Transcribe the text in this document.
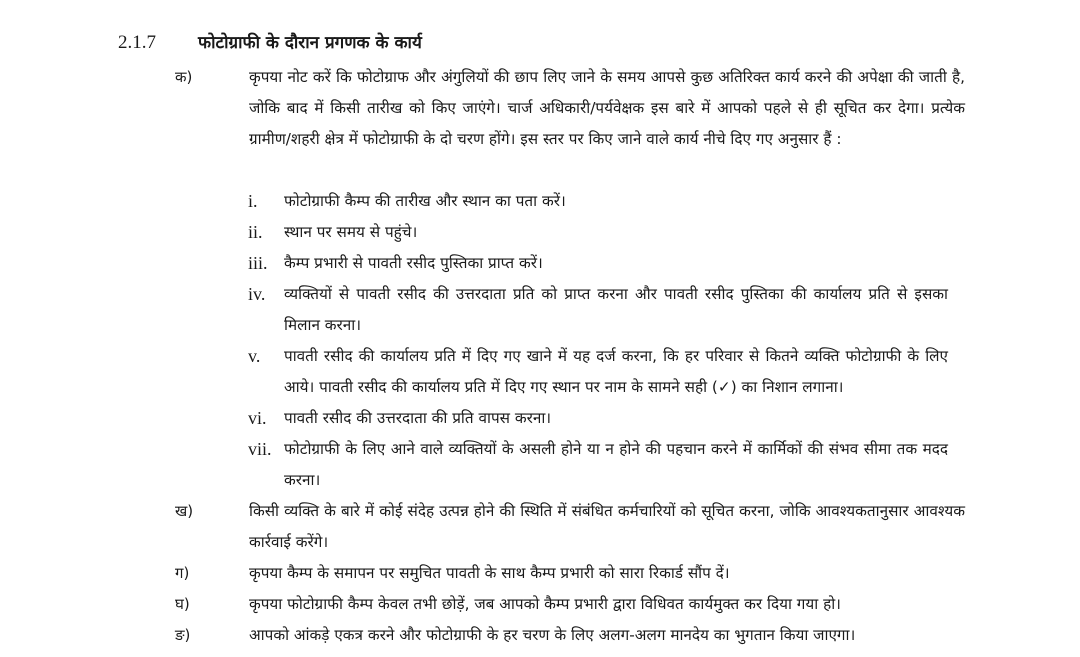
2.1.7	फोटोग्राफी के दौरान प्रगणक के कार्य
क)	कृपया नोट करें कि फोटोग्राफ और अंगुलियों की छाप लिए जाने के समय आपसे कुछ अतिरिक्त कार्य करने की अपेक्षा की जाती है, जोकि बाद में किसी तारीख को किए जाएंगे। चार्ज अधिकारी/पर्यवेक्षक इस बारे में आपको पहले से ही सूचित कर देगा। प्रत्येक ग्रामीण/शहरी क्षेत्र में फोटोग्राफी के दो चरण होंगे। इस स्तर पर किए जाने वाले कार्य नीचे दिए गए अनुसार हैं :
i. फोटोग्राफी कैम्प की तारीख और स्थान का पता करें।
ii. स्थान पर समय से पहुंचे।
iii. कैम्प प्रभारी से पावती रसीद पुस्तिका प्राप्त करें।
iv. व्यक्तियों से पावती रसीद की उत्तरदाता प्रति को प्राप्त करना और पावती रसीद पुस्तिका की कार्यालय प्रति से इसका मिलान करना।
v. पावती रसीद की कार्यालय प्रति में दिए गए खाने में यह दर्ज करना, कि हर परिवार से कितने व्यक्ति फोटोग्राफी के लिए आये। पावती रसीद की कार्यालय प्रति में दिए गए स्थान पर नाम के सामने सही (✓) का निशान लगाना।
vi. पावती रसीद की उत्तरदाता की प्रति वापस करना।
vii. फोटोग्राफी के लिए आने वाले व्यक्तियों के असली होने या न होने की पहचान करने में कार्मिकों की संभव सीमा तक मदद करना।
ख)	किसी व्यक्ति के बारे में कोई संदेह उत्पन्न होने की स्थिति में संबंधित कर्मचारियों को सूचित करना, जोकि आवश्यकतानुसार आवश्यक कार्रवाई करेंगे।
ग)	कृपया कैम्प के समापन पर समुचित पावती के साथ कैम्प प्रभारी को सारा रिकार्ड सौंप दें।
घ)	कृपया फोटोग्राफी कैम्प केवल तभी छोड़ें, जब आपको कैम्प प्रभारी द्वारा विधिवत कार्यमुक्त कर दिया गया हो।
ङ)	आपको आंकड़े एकत्र करने और फोटोग्राफी के हर चरण के लिए अलग-अलग मानदेय का भुगतान किया जाएगा।
